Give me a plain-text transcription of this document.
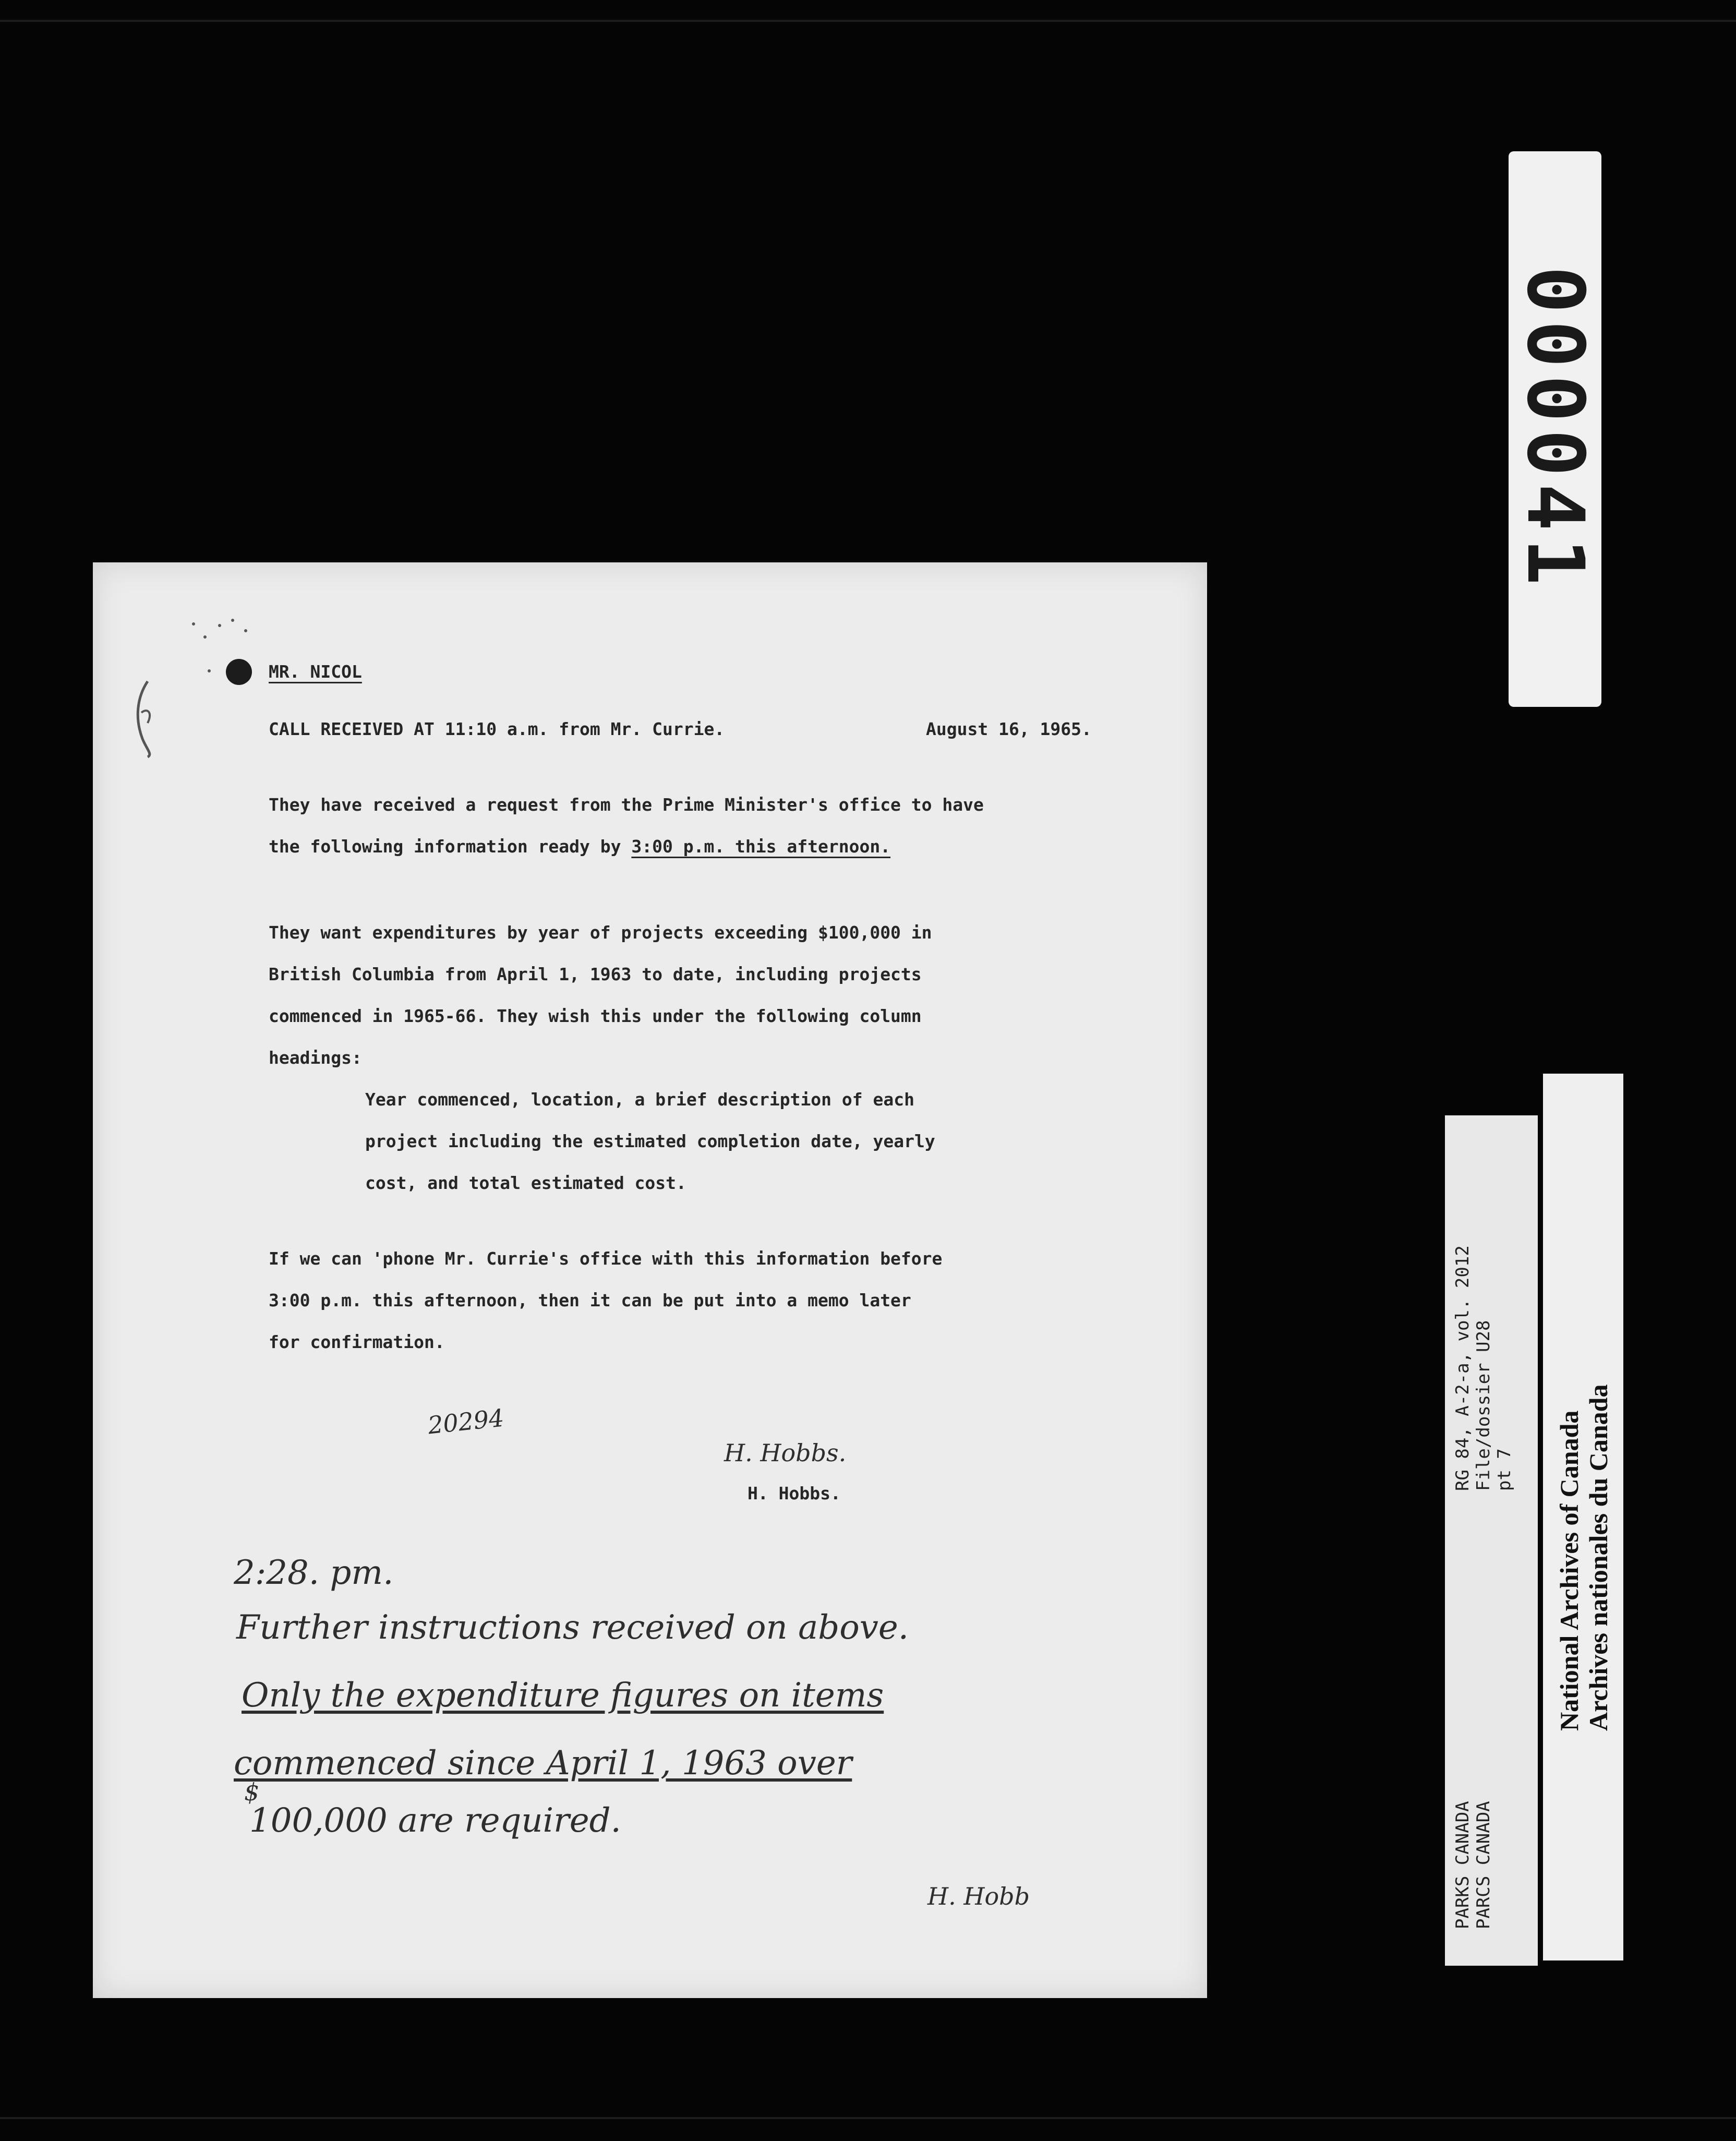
000041
MR. NICOL
CALL RECEIVED AT 11:10 a.m. from Mr. Currie.	August 16, 1965.
They have received a request from the Prime Minister's office to have
the following information ready by 3:00 p.m. this afternoon.
They want expenditures by year of projects exceeding $100,000 in
British Columbia from April 1, 1963 to date, including projects
commenced in 1965-66. They wish this under the following column
headings:
Year commenced, location, a brief description of each
project including the estimated completion date, yearly
cost, and total estimated cost.
If we can 'phone Mr. Currie's office with this information before
3:00 p.m. this afternoon, then it can be put into a memo later
for confirmation.
20294
H. Hobbs.
H. Hobbs.
2:28. pm.
Further instructions received on above.
Only the expenditure figures on items
commenced since April 1, 1963 over
$
100,000 are required.
H. Hobb
RG 84, A-2-a, vol. 2012 File/dossier U28 pt 7
PARKS CANADA PARCS CANADA
National Archives of Canada Archives nationales du Canada
